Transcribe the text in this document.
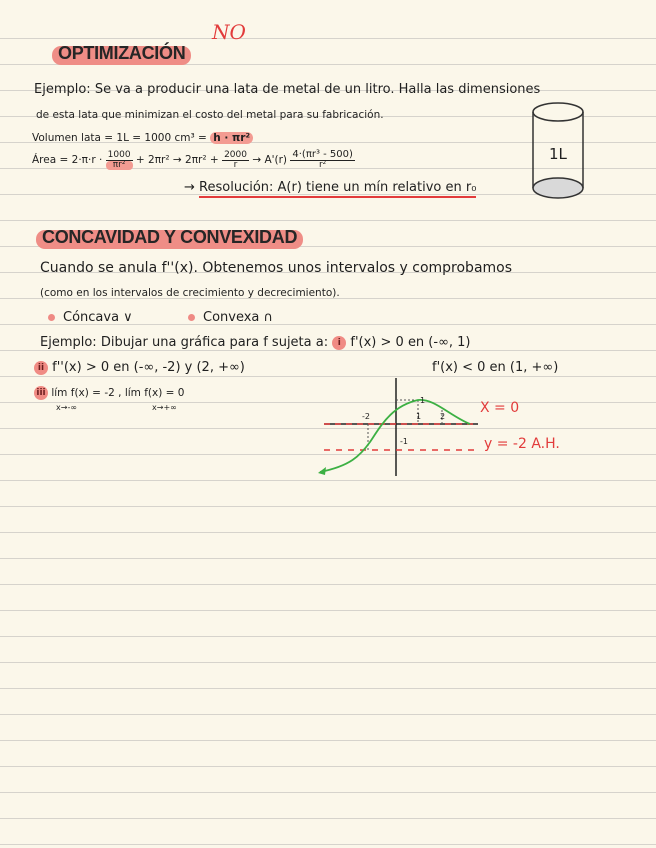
NO
OPTIMIZACIÓN
Ejemplo: Se va a producir una lata de metal de un litro. Halla las dimensiones
de esta lata que minimizan el costo del metal para su fabricación.
Volumen lata = 1L = 1000 cm³ = h · πr²
Área = $2\cdot\pi\cdot r \cdot \frac{1000}{\text{πr²}} + 2\pi r^2 \to 2\pi r^2 + \frac{2000}{r} \to A'(r) \frac{\text{4·(πr³ - 500)}}{\text{r²}}$
→ Resolución: A(r) tiene un mín relativo en r₀
1L
CONCAVIDAD Y CONVEXIDAD
Cuando se anula f''(x). Obtenemos unos intervalos y comprobamos
(como en los intervalos de crecimiento y decrecimiento).
Cóncava ∨	Convexa ∩
Ejemplo: Dibujar una gráfica para f sujeta a: i f'(x) > 0 en (-∞, 1)
f'(x) < 0 en (1, +∞)
ii f''(x) > 0 en (-∞, -2) y (2, +∞)
iii lím f(x) = -2 , lím f(x) = 0
x→-∞	x→+∞
-2	1 2
1
-1
X = 0
y = -2 A.H.
